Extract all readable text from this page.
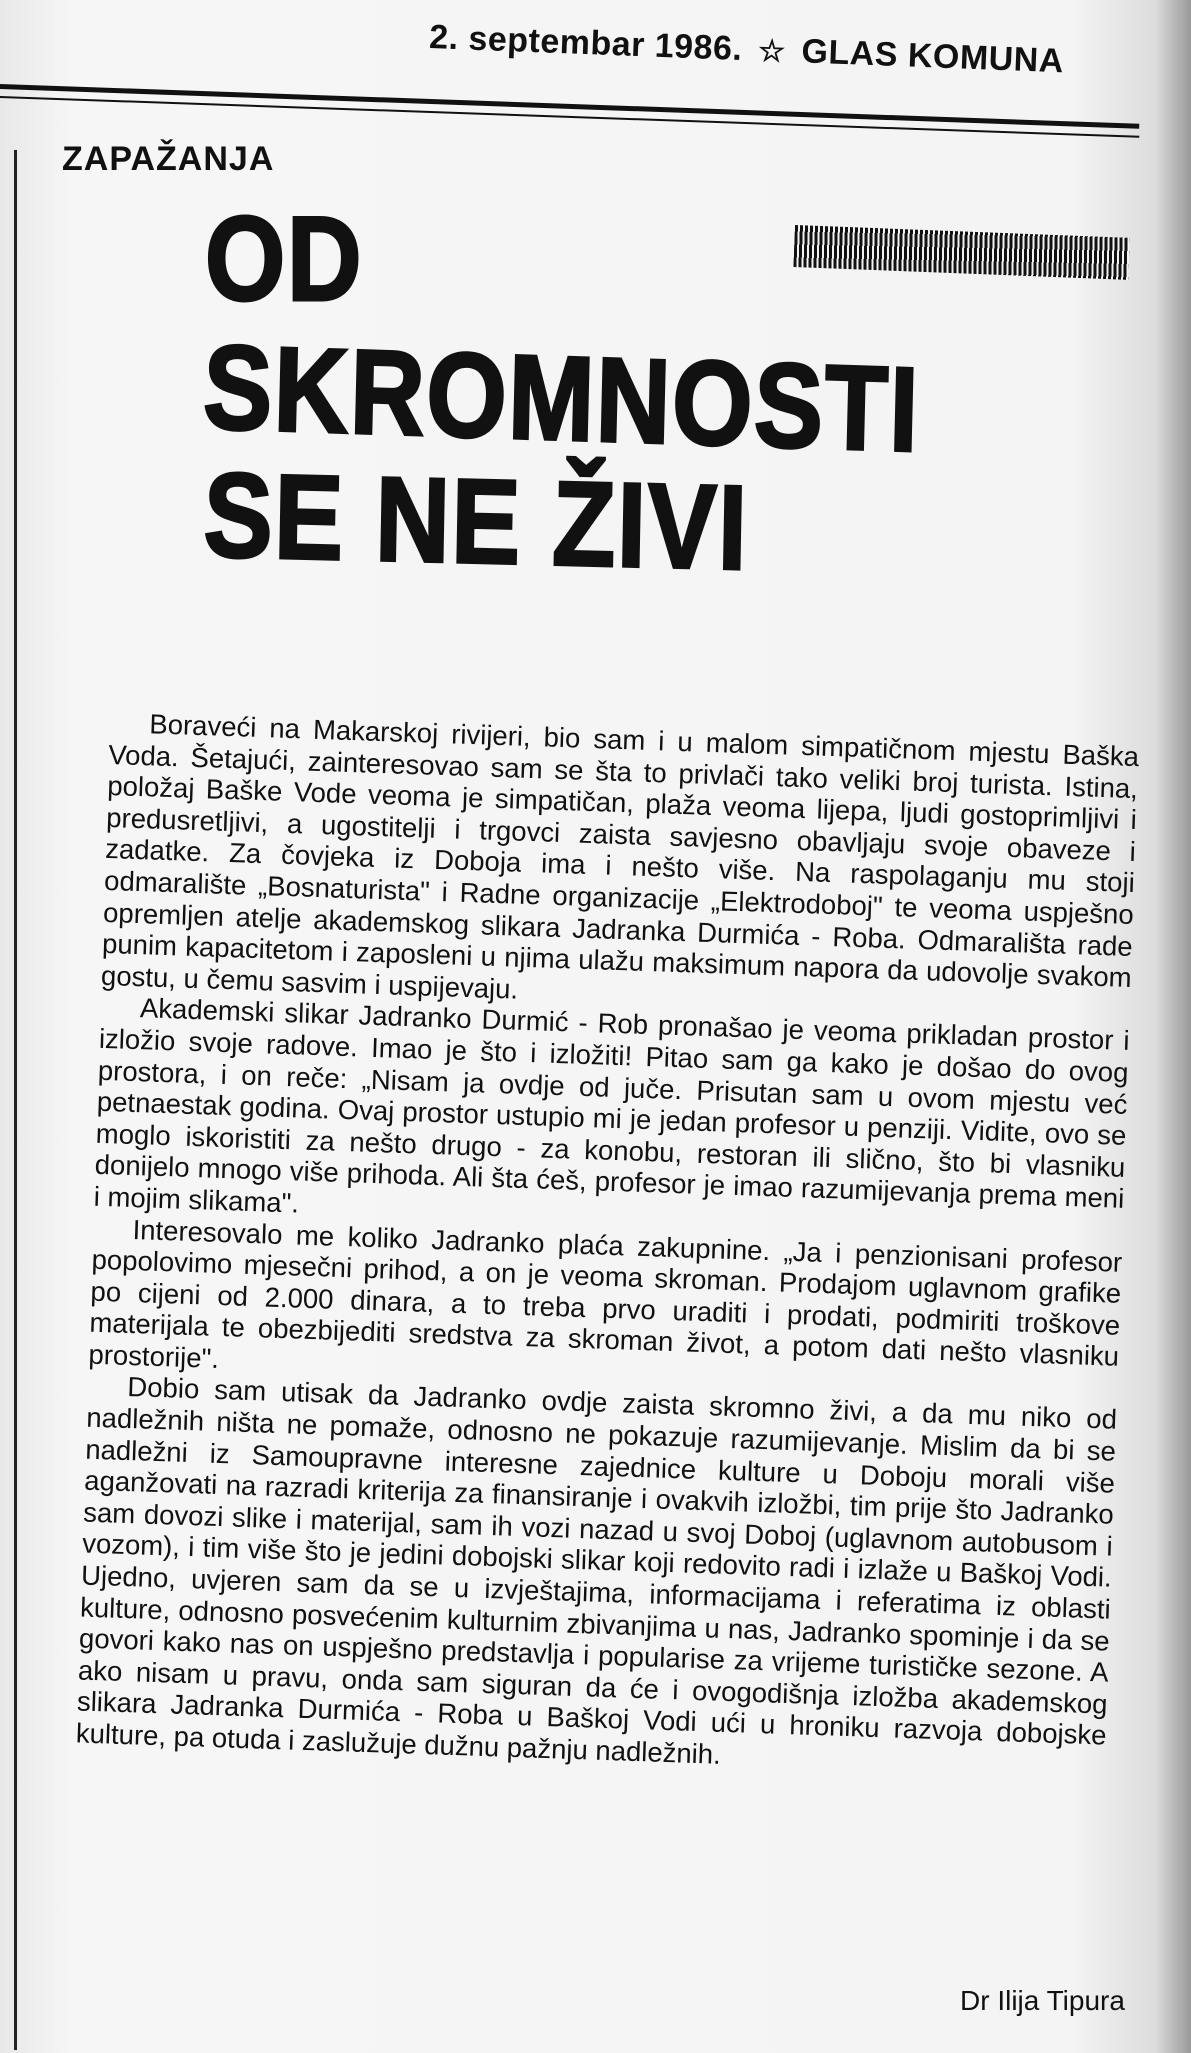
2. septembar 1986. ☆ GLAS KOMUNA
ZAPAŽANJA
OD
SKROMNOSTI
SE NE ŽIVI

Boraveći na Makarskoj rivijeri, bio sam i u malom simpatičnom mjestu Baška Voda. Šetajući, zainteresovao sam se šta to privlači tako veliki broj turista. Istina, položaj Baške Vode veoma je simpatičan, plaža veoma lijepa, ljudi gostoprimljivi i predusretljivi, a ugostitelji i trgovci zaista savjesno obavljaju svoje obaveze i zadatke. Za čovjeka iz Doboja ima i nešto više. Na raspolaganju mu stoji odmaralište „Bosnaturista" i Radne organizacije „Elektrodoboj" te veoma uspješno opremljen atelje akademskog slikara Jadranka Durmića - Roba. Odmarališta rade punim kapacitetom i zaposleni u njima ulažu maksimum napora da udovolje svakom gostu, u čemu sasvim i uspijevaju.

Akademski slikar Jadranko Durmić - Rob pronašao je veoma prikladan prostor i izložio svoje radove. Imao je što i izložiti! Pitao sam ga kako je došao do ovog prostora, i on reče: „Nisam ja ovdje od juče. Prisutan sam u ovom mjestu već petnaestak godina. Ovaj prostor ustupio mi je jedan profesor u penziji. Vidite, ovo se moglo iskoristiti za nešto drugo - za konobu, restoran ili slično, što bi vlasniku donijelo mnogo više prihoda. Ali šta ćeš, profesor je imao razumijevanja prema meni i mojim slikama".

Interesovalo me koliko Jadranko plaća zakupnine. „Ja i penzionisani profesor popolovimo mjesečni prihod, a on je veoma skroman. Prodajom uglavnom grafike po cijeni od 2.000 dinara, a to treba prvo uraditi i prodati, podmiriti troškove materijala te obezbijediti sredstva za skroman život, a potom dati nešto vlasniku prostorije".

Dobio sam utisak da Jadranko ovdje zaista skromno živi, a da mu niko od nadležnih ništa ne pomaže, odnosno ne pokazuje razumijevanje. Mislim da bi se nadležni iz Samoupravne interesne zajednice kulture u Doboju morali više aganžovati na razradi kriterija za finansiranje i ovakvih izložbi, tim prije što Jadranko sam dovozi slike i materijal, sam ih vozi nazad u svoj Doboj (uglavnom autobusom i vozom), i tim više što je jedini dobojski slikar koji redovito radi i izlaže u Baškoj Vodi. Ujedno, uvjeren sam da se u izvještajima, informacijama i referatima iz oblasti kulture, odnosno posvećenim kulturnim zbivanjima u nas, Jadranko spominje i da se govori kako nas on uspješno predstavlja i popularise za vrijeme turističke sezone. A ako nisam u pravu, onda sam siguran da će i ovogodišnja izložba akademskog slikara Jadranka Durmića - Roba u Baškoj Vodi ući u hroniku razvoja dobojske kulture, pa otuda i zaslužuje dužnu pažnju nadležnih.

Dr Ilija Tipura
